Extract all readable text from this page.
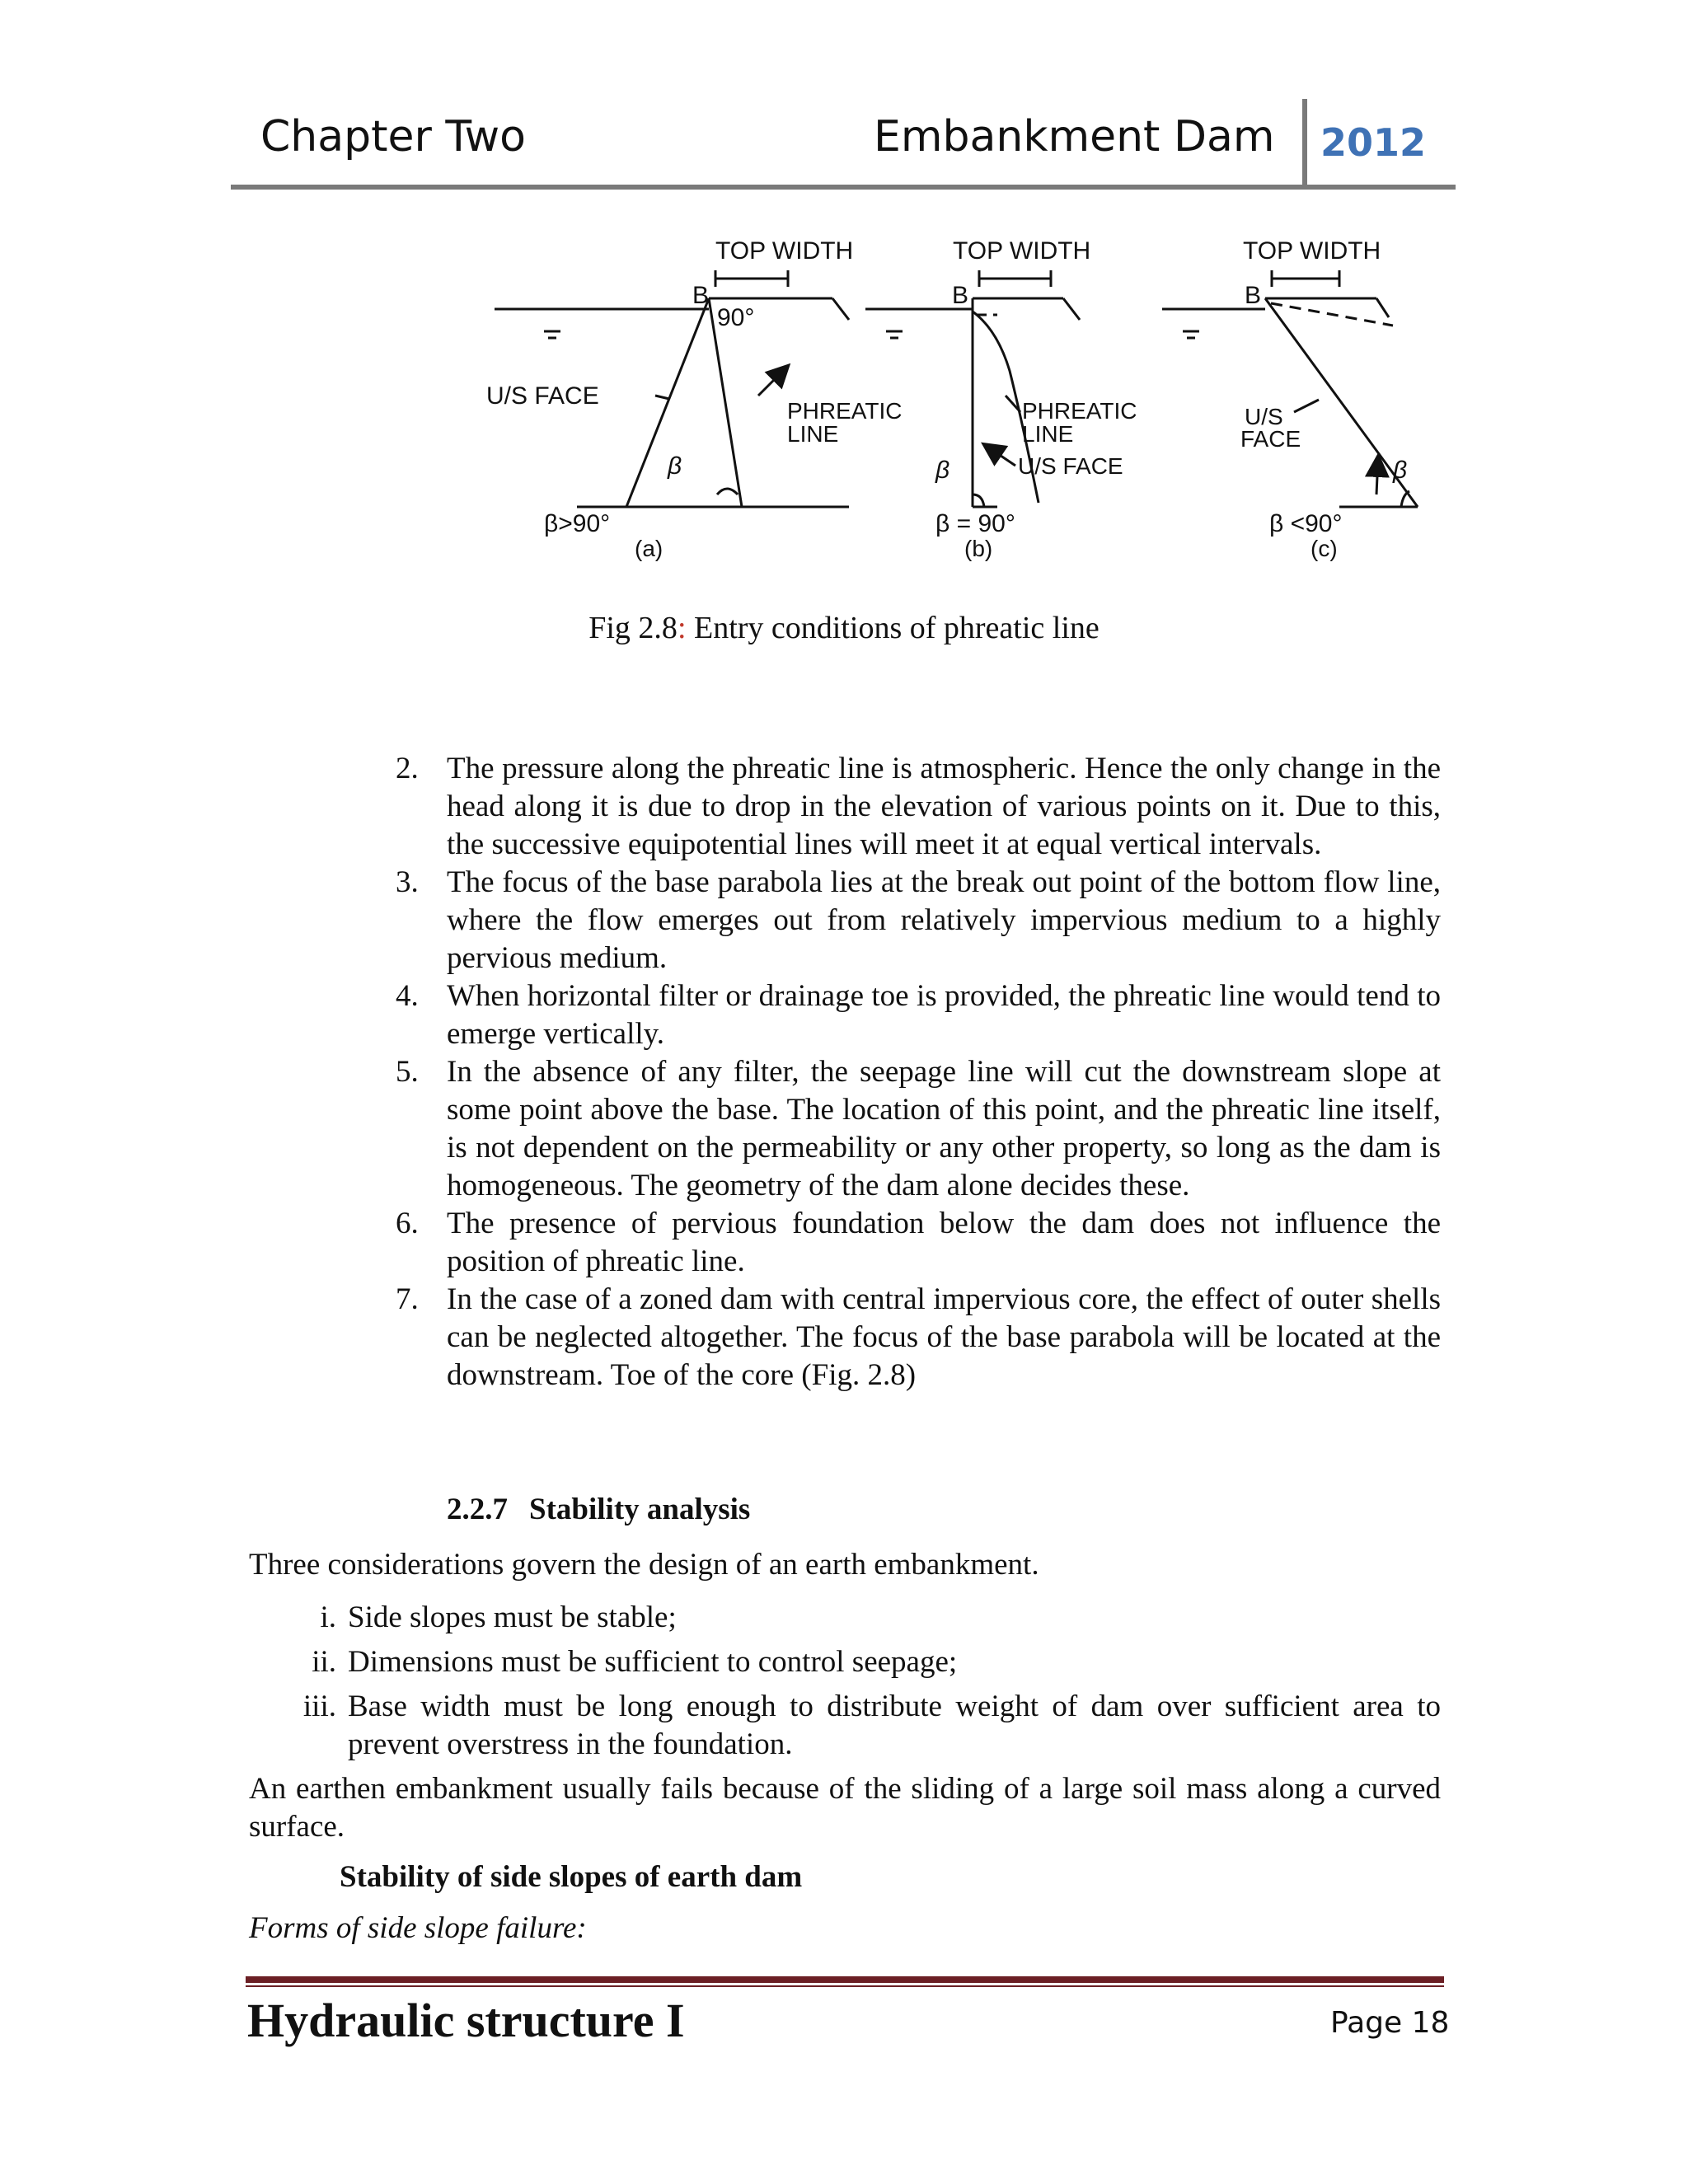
Chapter Two	Embankment Dam 2012
TOP WIDTH
B
90°
U/S FACE
PHREATIC
LINE
β
β>90°
(a)
TOP WIDTH
B
PHREATIC
LINE
U/S FACE
β
β = 90°
(b)
TOP WIDTH
B
U/S
FACE
β
β <90°
(c)
Fig 2.8: Entry conditions of phreatic line
2. The pressure along the phreatic line is atmospheric. Hence the only change in the head along it is due to drop in the elevation of various points on it. Due to this, the successive equipotential lines will meet it at equal vertical intervals.
3. The focus of the base parabola lies at the break out point of the bottom flow line, where the flow emerges out from relatively impervious medium to a highly pervious medium.
4. When horizontal filter or drainage toe is provided, the phreatic line would tend to emerge vertically.
5. In the absence of any filter, the seepage line will cut the downstream slope at some point above the base. The location of this point, and the phreatic line itself, is not dependent on the permeability or any other property, so long as the dam is homogeneous. The geometry of the dam alone decides these.
6. The presence of pervious foundation below the dam does not influence the position of phreatic line.
7. In the case of a zoned dam with central impervious core, the effect of outer shells can be neglected altogether. The focus of the base parabola will be located at the downstream. Toe of the core (Fig. 2.8)
2.2.7 Stability analysis
Three considerations govern the design of an earth embankment.
i. Side slopes must be stable;
ii. Dimensions must be sufficient to control seepage;
iii. Base width must be long enough to distribute weight of dam over sufficient area to prevent overstress in the foundation.
An earthen embankment usually fails because of the sliding of a large soil mass along a curved surface.
Stability of side slopes of earth dam
Forms of side slope failure:
Hydraulic structure I	Page 18
